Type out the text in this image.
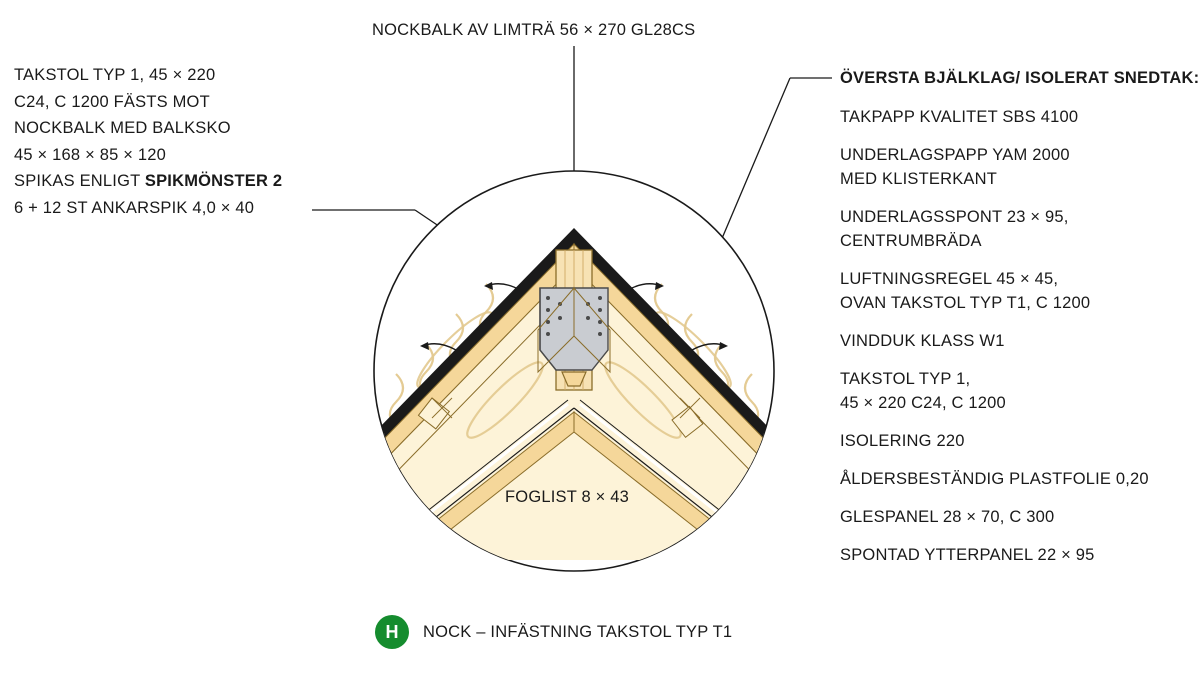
NOCKBALK AV LIMTRÄ 56 × 270 GL28CS
TAKSTOL TYP 1, 45 × 220
C24, C 1200 FÄSTS MOT
NOCKBALK MED BALKSKO
45 × 168 × 85 × 120
SPIKAS ENLIGT SPIKMÖNSTER 2
6 + 12 ST ANKARSPIK 4,0 × 40
ÖVERSTA BJÄLKLAG/ ISOLERAT SNEDTAK:
TAKPAPP KVALITET SBS 4100
UNDERLAGSPAPP YAM 2000
MED KLISTERKANT
UNDERLAGSSPONT 23 × 95,
CENTRUMBRÄDA
LUFTNINGSREGEL 45 × 45,
OVAN TAKSTOL TYP T1, C 1200
VINDDUK KLASS W1
TAKSTOL TYP 1,
45 × 220 C24, C 1200
ISOLERING 220
ÅLDERSBESTÄNDIG PLASTFOLIE 0,20
GLESPANEL 28 × 70, C 300
SPONTAD YTTERPANEL 22 × 95
FOGLIST 8 × 43
H	NOCK – INFÄSTNING TAKSTOL TYP T1
